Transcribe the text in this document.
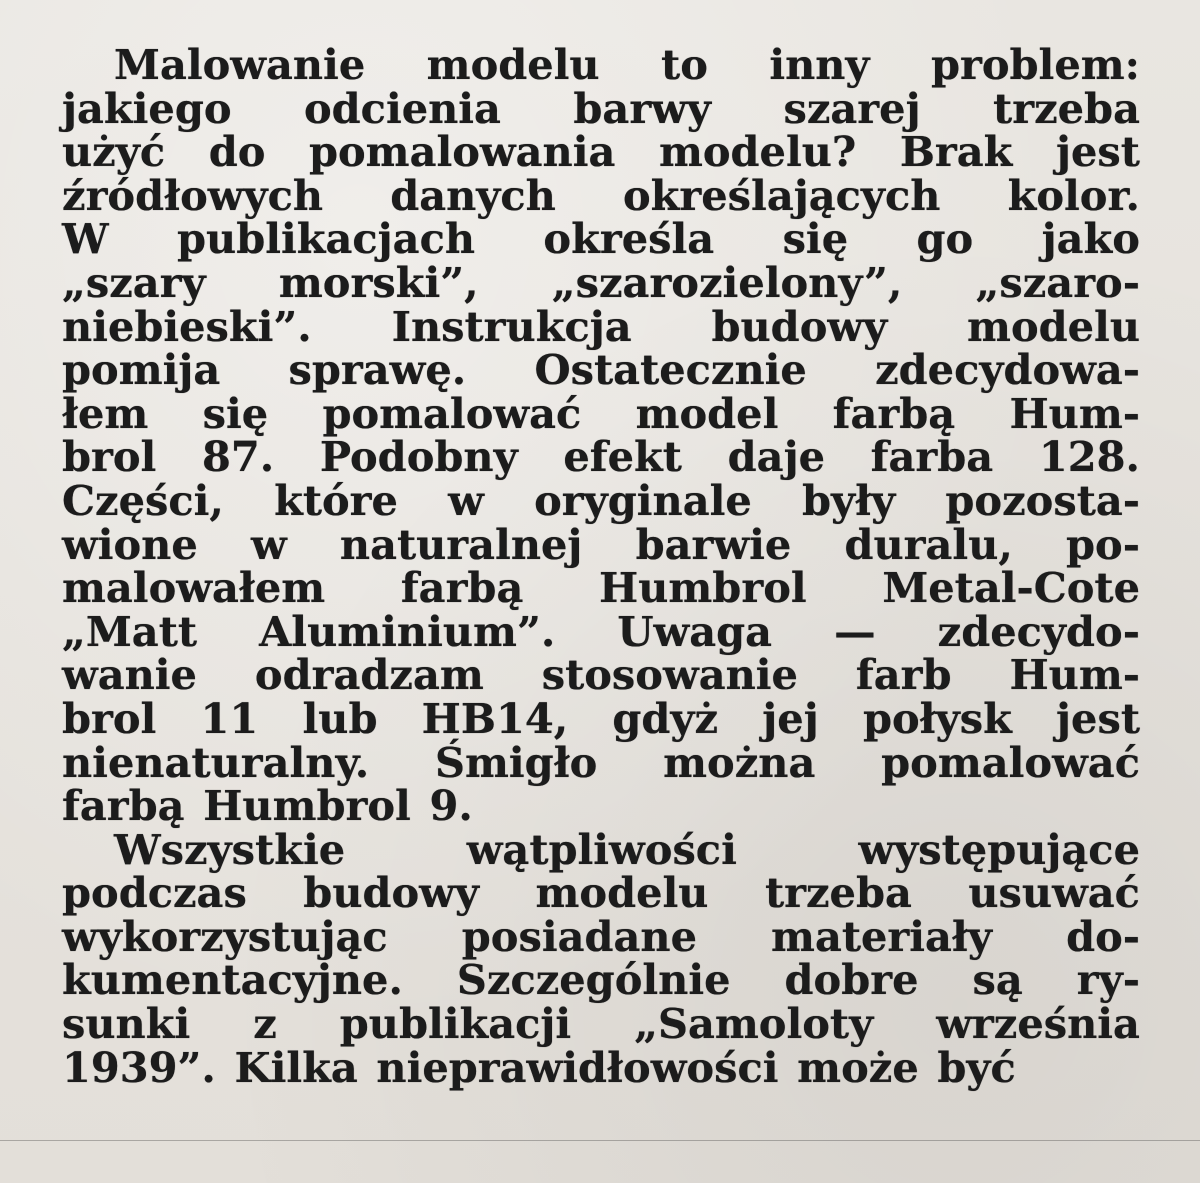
Malowanie modelu to inny problem:
jakiego odcienia barwy szarej trzeba
użyć do pomalowania modelu? Brak jest
źródłowych danych określających kolor.
W publikacjach określa się go jako
„szary morski”, „szarozielony”, „szaro-
niebieski”. Instrukcja budowy modelu
pomija sprawę. Ostatecznie zdecydowa-
łem się pomalować model farbą Hum-
brol 87. Podobny efekt daje farba 128.
Części, które w oryginale były pozosta-
wione w naturalnej barwie duralu, po-
malowałem farbą Humbrol Metal-Cote
„Matt Aluminium”. Uwaga — zdecydo-
wanie odradzam stosowanie farb Hum-
brol 11 lub HB14, gdyż jej połysk jest
nienaturalny. Śmigło można pomalować
farbą Humbrol 9.
Wszystkie	wątpliwości	występujące
podczas budowy modelu trzeba usuwać
wykorzystując posiadane materiały do-
kumentacyjne. Szczególnie dobre są ry-
sunki z publikacji „Samoloty września
1939”. Kilka nieprawidłowości może być
